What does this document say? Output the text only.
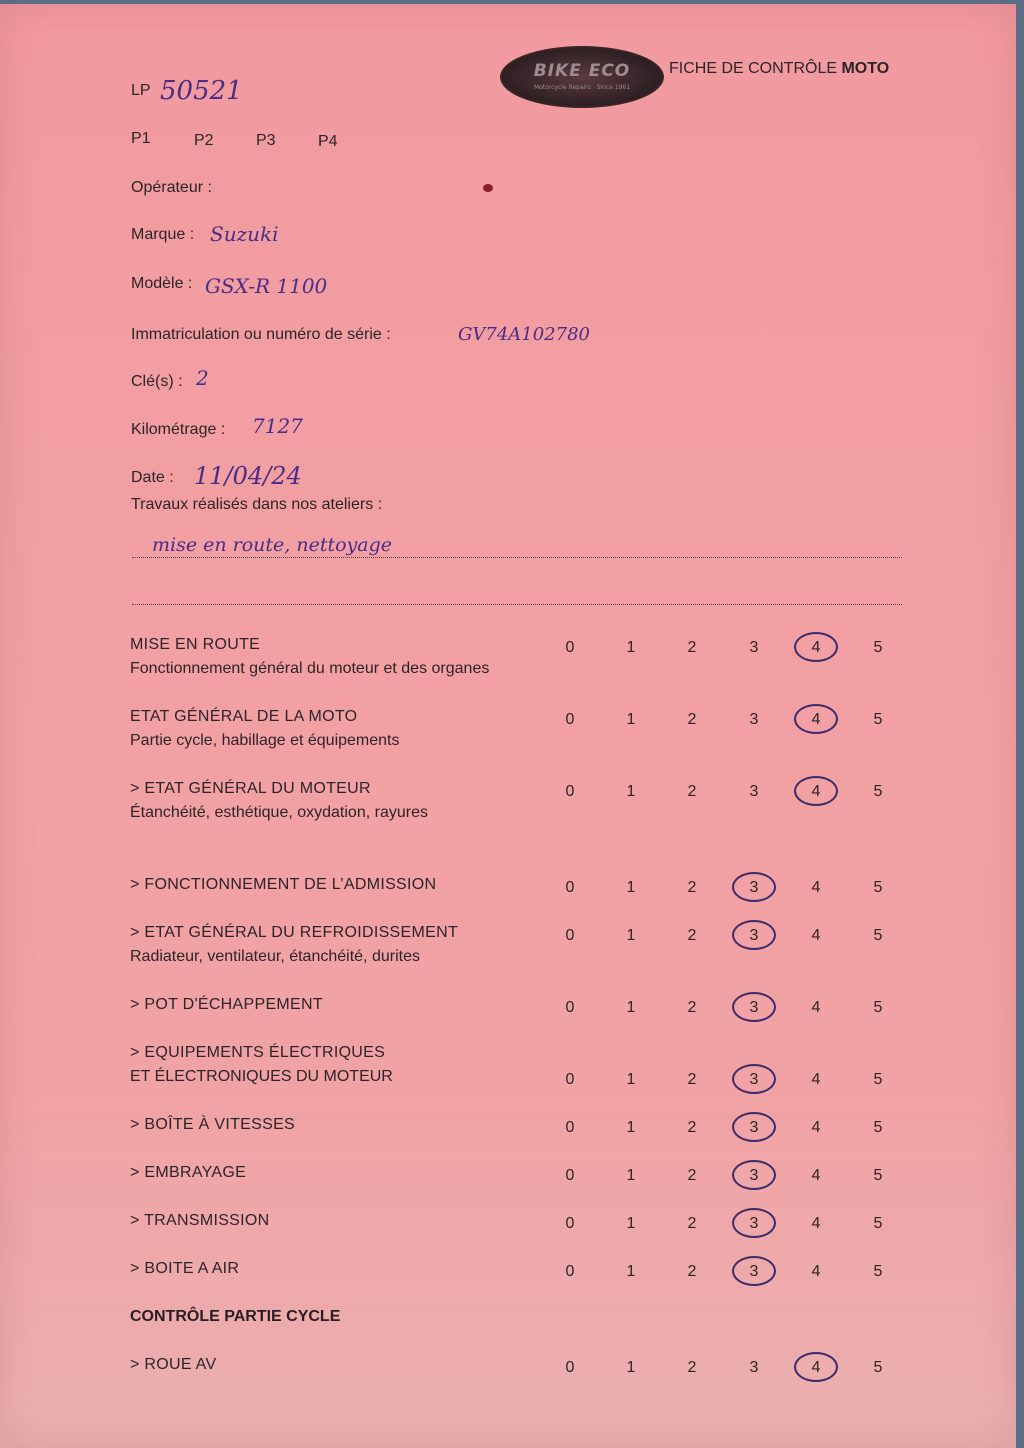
BIKE ECO
Motorcycle Repairs · Since 1961
FICHE DE CONTRÔLE MOTO
LP 50521
P1	P2	P3	P4
Opérateur :
Marque : Suzuki
Modèle : GSX-R 1100
Immatriculation ou numéro de série :	GV74A102780
Clé(s) : 2
Kilométrage : 7127
Date : 11/04/24
Travaux réalisés dans nos ateliers :
mise en route, nettoyage
MISE EN ROUTE
Fonctionnement général du moteur et des organes
0	1	2	3	4	5
ETAT GÉNÉRAL DE LA MOTO
Partie cycle, habillage et équipements
0	1	2	3	4	5
> ETAT GÉNÉRAL DU MOTEUR
Étanchéité, esthétique, oxydation, rayures
0	1	2	3	4	5
> FONCTIONNEMENT DE L’ADMISSION	0	1	2	3	4	5
> ETAT GÉNÉRAL DU REFROIDISSEMENT
Radiateur, ventilateur, étanchéité, durites
0	1	2	3	4	5
> POT D'ÉCHAPPEMENT	0	1	2	3	4	5
> EQUIPEMENTS ÉLECTRIQUES
ET ÉLECTRONIQUES DU MOTEUR	0	1	2	3	4	5
> BOÎTE À VITESSES	0	1	2	3	4	5
> EMBRAYAGE	0	1	2	3	4	5
> TRANSMISSION	0	1	2	3	4	5
> BOITE A AIR	0	1	2	3	4	5
CONTRÔLE PARTIE CYCLE
> ROUE AV	0	1	2	3	4	5
